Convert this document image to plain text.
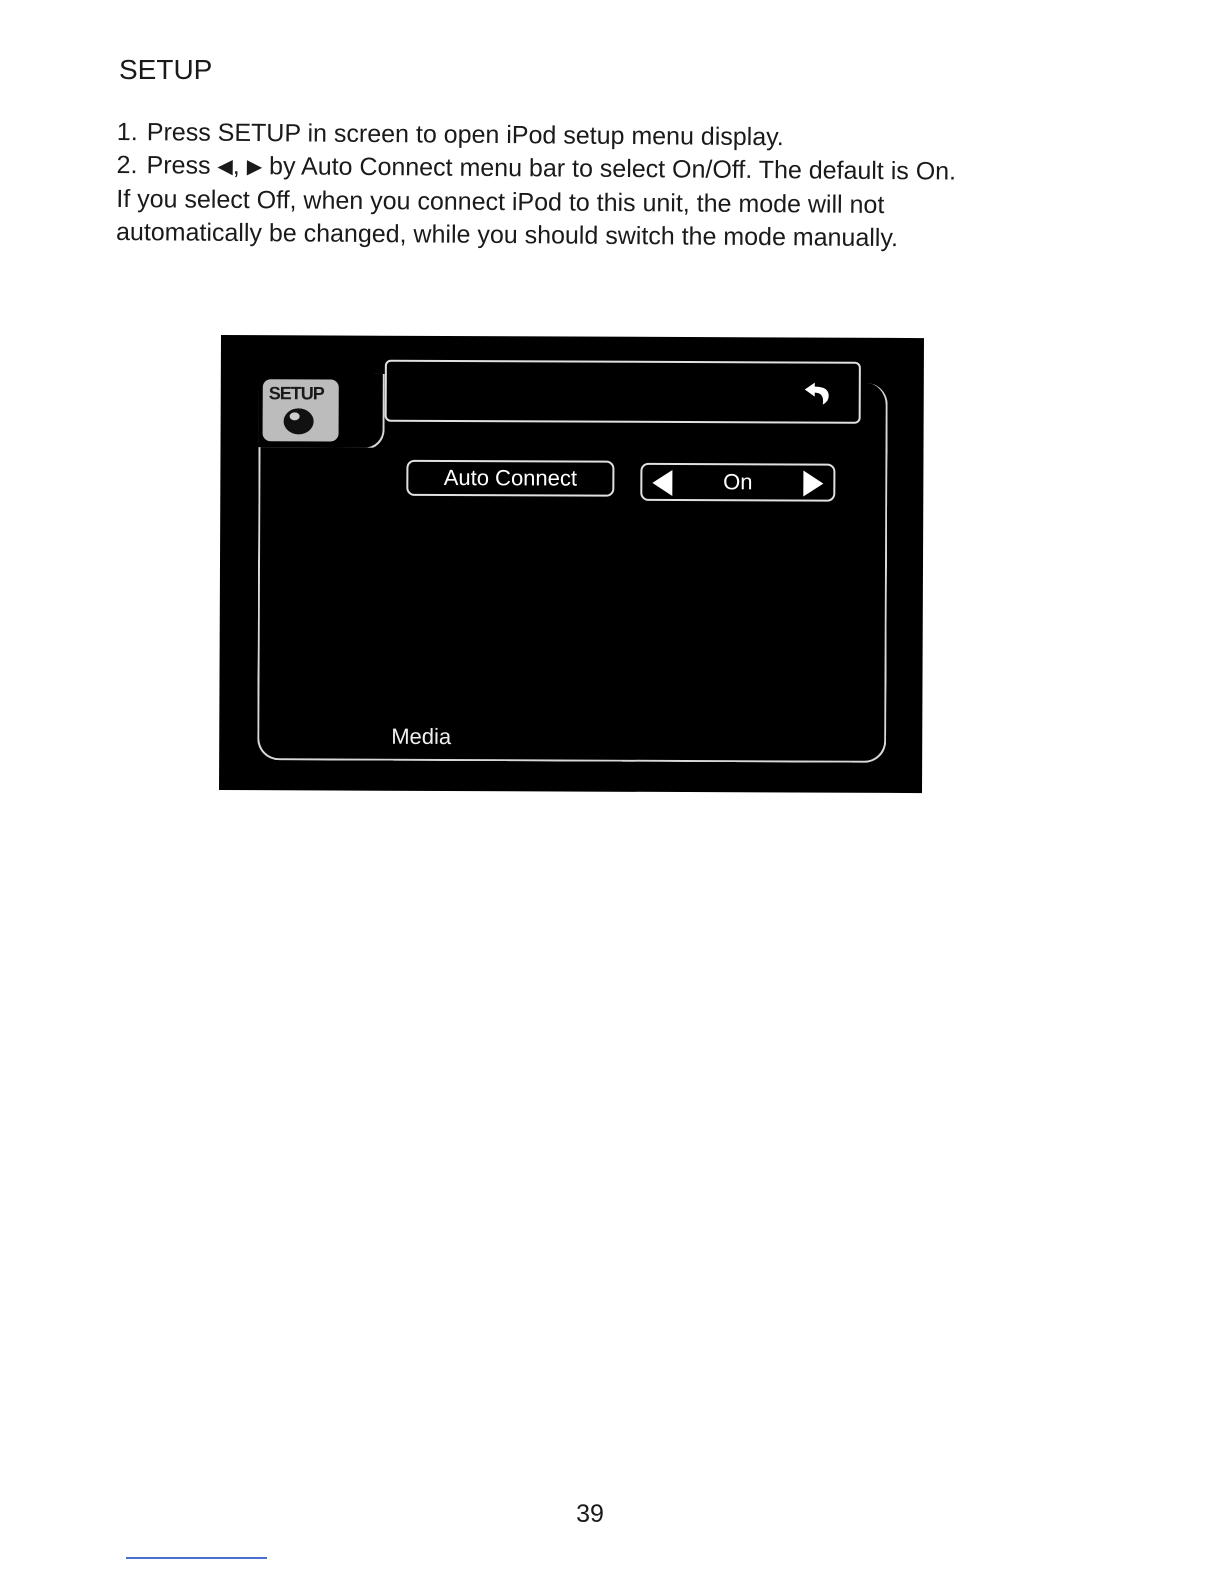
SETUP
1. Press SETUP in screen to open iPod setup menu display.
2. Press ◀, ▶ by Auto Connect menu bar to select On/Off. The default is On.
If you select Off, when you connect iPod to this unit, the mode will not
automatically be changed, while you should switch the mode manually.
SETUP
Auto Connect	On
Media
39
